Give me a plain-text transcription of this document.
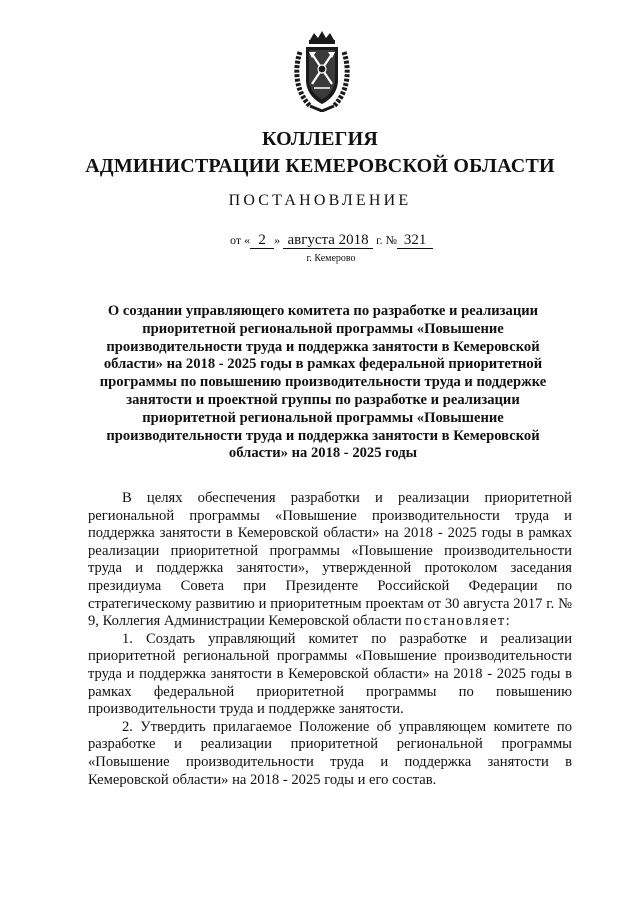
КОЛЛЕГИЯ
АДМИНИСТРАЦИИ КЕМЕРОВСКОЙ ОБЛАСТИ
ПОСТАНОВЛЕНИЕ
от « 2 » августа 2018 г. № 321
г. Кемерово
О создании управляющего комитета по разработке и реализации приоритетной региональной программы «Повышение производительности труда и поддержка занятости в Кемеровской области» на 2018 - 2025 годы в рамках федеральной приоритетной программы по повышению производительности труда и поддержке занятости и проектной группы по разработке и реализации приоритетной региональной программы «Повышение производительности труда и поддержка занятости в Кемеровской области» на 2018 - 2025 годы

В целях обеспечения разработки и реализации приоритетной региональной программы «Повышение производительности труда и поддержка занятости в Кемеровской области» на 2018 - 2025 годы в рамках реализации приоритетной программы «Повышение производительности труда и поддержка занятости», утвержденной протоколом заседания президиума Совета при Президенте Российской Федерации по стратегическому развитию и приоритетным проектам от 30 августа 2017 г. № 9, Коллегия Администрации Кемеровской области постановляет:

1. Создать управляющий комитет по разработке и реализации приоритетной региональной программы «Повышение производительности труда и поддержка занятости в Кемеровской области» на 2018 - 2025 годы в рамках федеральной приоритетной программы по повышению производительности труда и поддержке занятости.

2. Утвердить прилагаемое Положение об управляющем комитете по разработке и реализации приоритетной региональной программы «Повышение производительности труда и поддержка занятости в Кемеровской области» на 2018 - 2025 годы и его состав.
